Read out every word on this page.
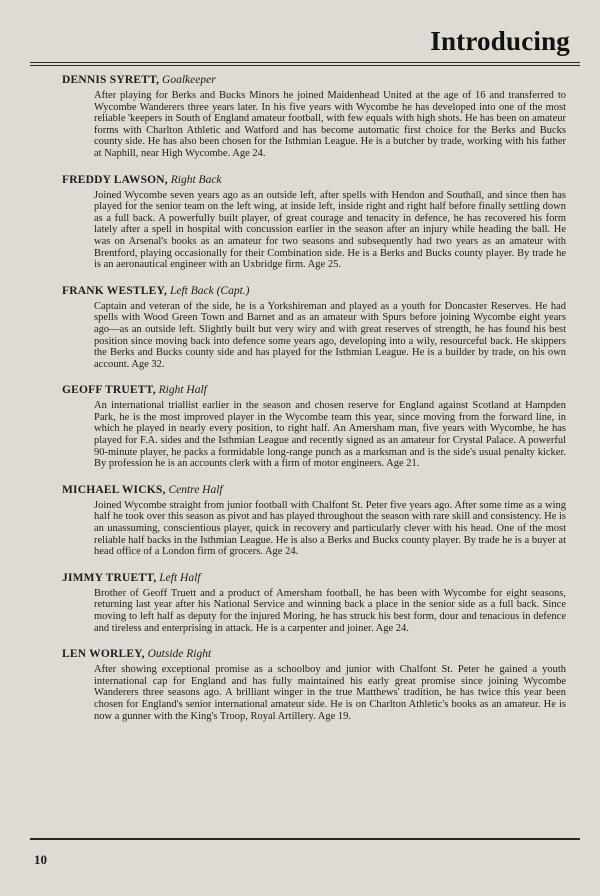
Introducing
DENNIS SYRETT, Goalkeeper
After playing for Berks and Bucks Minors he joined Maidenhead United at the age of 16 and transferred to Wycombe Wanderers three years later. In his five years with Wycombe he has developed into one of the most reliable 'keepers in South of England amateur football, with few equals with high shots. He has been on amateur forms with Charlton Athletic and Watford and has become automatic first choice for the Berks and Bucks county side. He has also been chosen for the Isthmian League. He is a butcher by trade, working with his father at Naphill, near High Wycombe. Age 24.
FREDDY LAWSON, Right Back
Joined Wycombe seven years ago as an outside left, after spells with Hendon and Southall, and since then has played for the senior team on the left wing, at inside left, inside right and right half before finally settling down as a full back. A powerfully built player, of great courage and tenacity in defence, he has recovered his form lately after a spell in hospital with concussion earlier in the season after an injury while heading the ball. He was on Arsenal's books as an amateur for two seasons and subsequently had two years as an amateur with Brentford, playing occasionally for their Combination side. He is a Berks and Bucks county player. By trade he is an aeronautical engineer with an Uxbridge firm. Age 25.
FRANK WESTLEY, Left Back (Capt.)
Captain and veteran of the side, he is a Yorkshireman and played as a youth for Doncaster Reserves. He had spells with Wood Green Town and Barnet and as an amateur with Spurs before joining Wycombe eight years ago—as an outside left. Slightly built but very wiry and with great reserves of strength, he has found his best position since moving back into defence some years ago, developing into a wily, resourceful back. He skippers the Berks and Bucks county side and has played for the Isthmian League. He is a builder by trade, on his own account. Age 32.
GEOFF TRUETT, Right Half
An international triallist earlier in the season and chosen reserve for England against Scotland at Hampden Park, he is the most improved player in the Wycombe team this year, since moving from the forward line, in which he played in nearly every position, to right half. An Amersham man, five years with Wycombe, he has played for F.A. sides and the Isthmian League and recently signed as an amateur for Crystal Palace. A powerful 90-minute player, he packs a formidable long-range punch as a marksman and is the side's usual penalty kicker. By profession he is an accounts clerk with a firm of motor engineers. Age 21.
MICHAEL WICKS, Centre Half
Joined Wycombe straight from junior football with Chalfont St. Peter five years ago. After some time as a wing half he took over this season as pivot and has played throughout the season with rare skill and consistency. He is an unassuming, conscientious player, quick in recovery and particularly clever with his head. One of the most reliable half backs in the Isthmian League. He is also a Berks and Bucks county player. By trade he is a buyer at head office of a London firm of grocers. Age 24.
JIMMY TRUETT, Left Half
Brother of Geoff Truett and a product of Amersham football, he has been with Wycombe for eight seasons, returning last year after his National Service and winning back a place in the senior side as a full back. Since moving to left half as deputy for the injured Moring, he has struck his best form, dour and tenacious in defence and tireless and enterprising in attack. He is a carpenter and joiner. Age 24.
LEN WORLEY, Outside Right
After showing exceptional promise as a schoolboy and junior with Chalfont St. Peter he gained a youth international cap for England and has fully maintained his early great promise since joining Wycombe Wanderers three seasons ago. A brilliant winger in the true Matthews' tradition, he has twice this year been chosen for England's senior international amateur side. He is on Charlton Athletic's books as an amateur. He is now a gunner with the King's Troop, Royal Artillery. Age 19.
10
